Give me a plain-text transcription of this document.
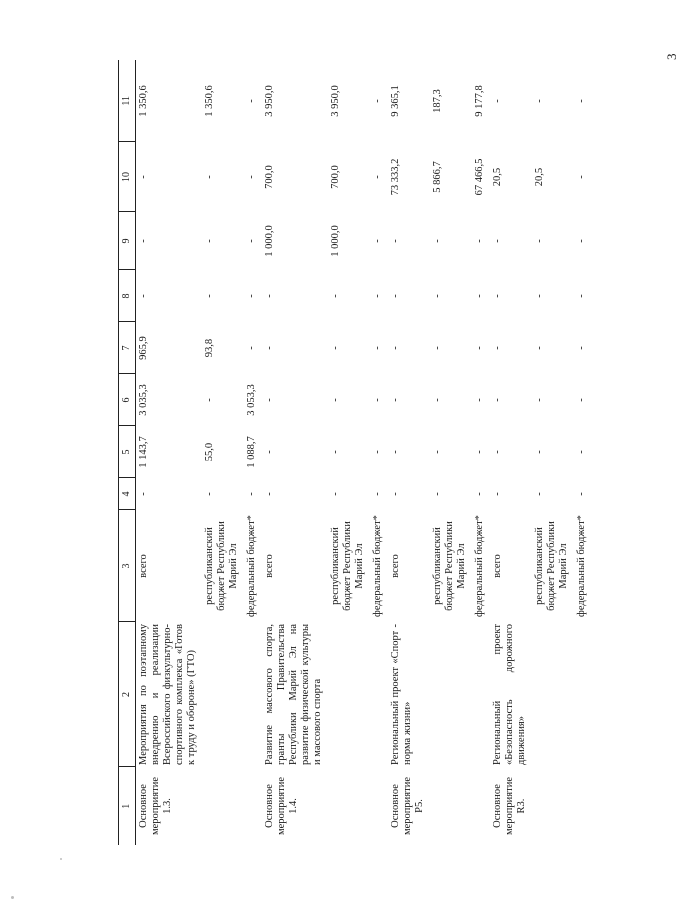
3
1	2	3	4	5	6	7	8	9	10	11
Основное мероприятие 1.3.	Мероприятия по поэтапному внедрению и реализации Всероссийского физкультурно-спортивного комплекса «Готов к труду и обороне» (ГТО)	всего	-	1 143,7	3 035,3	965,9	-	-	-	1 350,6
		республиканский бюджет Республики Марий Эл	-	55,0	-	93,8	-	-	-	1 350,6
		федеральный бюджет*	-	1 088,7	3 053,3	-	-	-	-	-
Основное мероприятие 1.4.	Развитие массового спорта, гранты Правительства Республики Марий Эл на развитие физической культуры и массового спорта	всего	-	-	-	-	-	1 000,0	700,0	3 950,0
		республиканский бюджет Республики Марий Эл	-	-	-	-	-	1 000,0	700,0	3 950,0
		федеральный бюджет*	-	-	-	-	-	-	-	-
Основное мероприятие Р5.	Региональный проект «Спорт - норма жизни»	всего	-	-	-	-	-	-	73 333,2	9 365,1
		республиканский бюджет Республики Марий Эл	-	-	-	-	-	-	5 866,7	187,3
		федеральный бюджет*	-	-	-	-	-	-	67 466,5	9 177,8
Основное мероприятие R3.	Региональный проект «Безопасность дорожного движения»	всего	-	-	-	-	-	-	20,5	-
		республиканский бюджет Республики Марий Эл	-	-	-	-	-	-	20,5	-
		федеральный бюджет*	-	-	-	-	-	-	-	-
